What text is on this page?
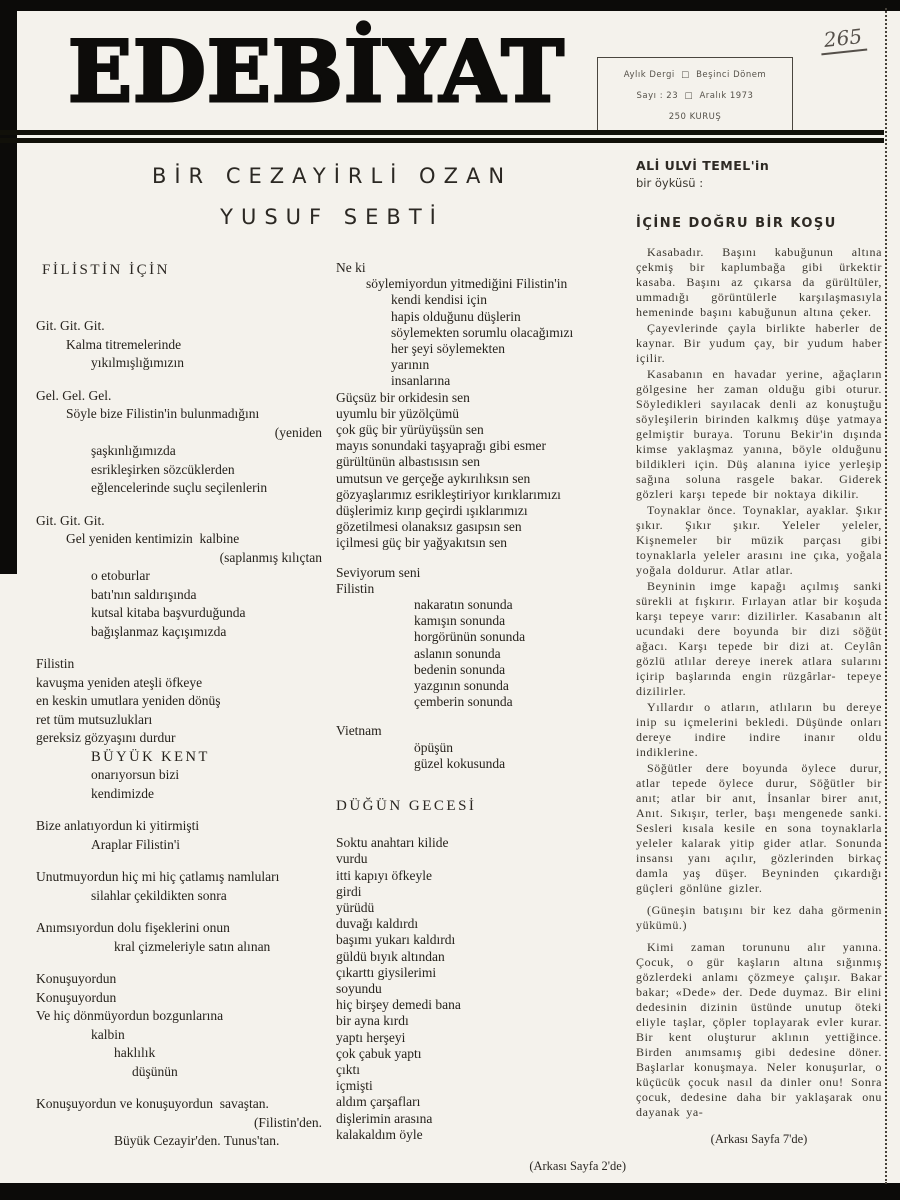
265
EDEBİYAT	Aylık Dergi  □  Beşinci Dönem
Sayı : 23  □  Aralık 1973
250 KURUŞ
BİR CEZAYİRLİ OZAN
YUSUF SEBTİ
FİLİSTİN İÇİN
Git. Git. Git.
Kalma titremelerinde
yıkılmışlığımızın
Gel. Gel. Gel.
Söyle bize Filistin'in bulunmadığını
(yeniden
şaşkınlığımızda
esrikleşirken sözcüklerden
eğlencelerinde suçlu seçilenlerin
Git. Git. Git.
Gel yeniden kentimizin  kalbine
(saplanmış kılıçtan
o etoburlar
batı'nın saldırışında
kutsal kitaba başvurduğunda
bağışlanmaz kaçışımızda
Filistin
kavuşma yeniden ateşli öfkeye
en keskin umutlara yeniden dönüş
ret tüm mutsuzlukları
gereksiz gözyaşını durdur
BÜYÜK KENT
onarıyorsun bizi
kendimizde
Bize anlatıyordun ki yitirmişti
Araplar Filistin'i
Unutmuyordun hiç mi hiç çatlamış namluları
silahlar çekildikten sonra
Anımsıyordun dolu fişeklerini onun
kral çizmeleriyle satın alınan
Konuşuyordun
Konuşuyordun
Ve hiç dönmüyordun bozgunlarına
kalbin
haklılık
düşünün
Konuşuyordun ve konuşuyordun  savaştan.
(Filistin'den.
Büyük Cezayir'den. Tunus'tan.
Ne ki
söylemiyordun yitmediğini Filistin'in
kendi kendisi için
hapis olduğunu düşlerin
söylemekten sorumlu olacağımızı
her şeyi söylemekten
yarının
insanlarına
Güçsüz bir orkidesin sen
uyumlu bir yüzölçümü
çok güç bir yürüyüşsün sen
mayıs sonundaki taşyaprağı gibi esmer
gürültünün albastısısın sen
umutsun ve gerçeğe aykırılıksın sen
gözyaşlarımız esrikleştiriyor kırıklarımızı
düşlerimiz kırıp geçirdi ışıklarımızı
gözetilmesi olanaksız gasıpsın sen
içilmesi güç bir yağyakıtsın sen
Seviyorum seni
Filistin
nakaratın sonunda
kamışın sonunda
horgörünün sonunda
aslanın sonunda
bedenin sonunda
yazgının sonunda
çemberin sonunda
Vietnam
öpüşün
güzel kokusunda
DÜĞÜN GECESİ
Soktu anahtarı kilide
vurdu
itti kapıyı öfkeyle
girdi
yürüdü
duvağı kaldırdı
başımı yukarı kaldırdı
güldü bıyık altından
çıkarttı giysilerimi
soyundu
hiç birşey demedi bana
bir ayna kırdı
yaptı herşeyi
çok çabuk yaptı
çıktı
içmişti
aldım çarşafları
dişlerimin arasına
kalakaldım öyle
(Arkası Sayfa 2'de)
ALİ ULVİ TEMEL'in
bir öyküsü :
İÇİNE DOĞRU BİR KOŞU

Kasabadır. Başını kabuğunun altına çekmiş bir kaplumbağa gibi ürkektir kasaba. Başını az çıkarsa da gürültüler, ummadığı görüntülerle karşılaşmasıyla hemeninde başını kabuğunun altına çeker.

Çayevlerinde çayla birlikte haberler de kaynar. Bir yudum çay, bir yudum haber içilir.

Kasabanın en havadar yerine, ağaçların gölgesine her zaman olduğu gibi oturur. Söyledikleri sayılacak denli az konuştuğu söyleşilerin birinden kalkmış düşe yatmaya gelmiştir buraya. Torunu Bekir'in dışında kimse yaklaşmaz yanına, böyle olduğunu bildikleri için. Düş alanına iyice yerleşip sağına soluna rasgele bakar. Giderek gözleri karşı tepede bir noktaya dikilir.

Toynaklar önce. Toynaklar, ayaklar. Şıkır şıkır. Şıkır şıkır. Yeleler yeleler, Kişnemeler bir müzik parçası gibi toynaklarla yeleler arasını ine çıka, yoğala yoğala doldurur. Atlar atlar.

Beyninin imge kapağı açılmış sanki sürekli at fışkırır. Fırlayan atlar bir koşuda karşı tepeye varır: dizilirler. Kasabanın alt ucundaki dere boyunda bir dizi söğüt ağacı. Karşı tepede bir dizi at. Ceylân gözlü atlılar dereye inerek atlara sularını içirip başlarında engin rüzgârlar- tepeye dizilirler.

Yıllardır o atların, atlıların bu dereye inip su içmelerini bekledi. Düşünde onları dereye indire indire inanır oldu indiklerine.

Söğütler dere boyunda öylece durur, atlar tepede öylece durur, Söğütler bir anıt; atlar bir anıt, İnsanlar birer anıt, Anıt. Sıkışır, terler, başı mengenede sanki. Sesleri kısala kesile en sona toynaklarla yeleler kalarak yitip gider atlar. Sonunda insansı yanı açılır, gözlerinden birkaç damla yaş düşer. Beyninden çıkardığı güçleri gönlüne gizler.

(Güneşin batışını bir kez daha görmenin yükümü.)

Kimi zaman torununu alır yanına. Çocuk, o gür kaşların altına sığınmış gözlerdeki anlamı çözmeye çalışır. Bakar bakar; «Dede» der. Dede duymaz. Bir elini dedesinin dizinin üstünde unutup öteki eliyle taşlar, çöpler toplayarak evler kurar. Bir kent oluşturur aklının yettiğince. Birden anımsamış gibi dedesine döner. Başlarlar konuşmaya. Neler konuşurlar, o küçücük çocuk nasıl da dinler onu! Sonra çocuk, dedesine daha bir yaklaşarak onu dayanak ya-

(Arkası Sayfa 7'de)
